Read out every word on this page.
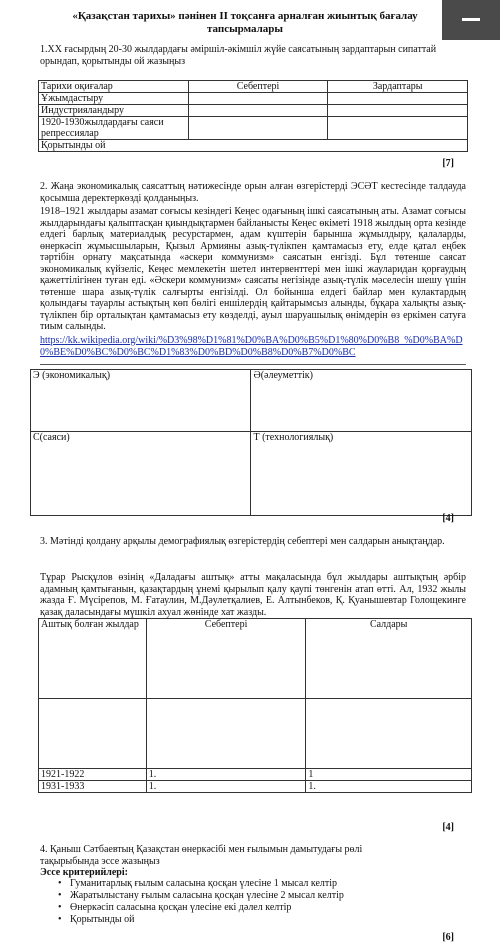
«Қазақстан тарихы» пәнінен ІІ тоқсанға арналған жиынтық бағалау тапсырмалары
1.ХХ ғасырдың 20-30 жылдардағы әміршіл-әкімшіл жүйе саясатының зардаптарын сипаттай орындап, қорытынды ой жазыңыз
Тарихи оқиғалар	Себептері	Зардаптары
Ұжымдастыру		
Индустрияландыру		
1920-1930жылдардағы саяси репрессиялар		
Қорытынды ой		
[7]
2. Жаңа экономикалық саясаттың нәтижесінде орын алған өзгерістерді ЭСӘТ кестесінде талдауда қосымша деректеркөзді қолданыңыз.
1918–1921 жылдары азамат соғысы кезіндегі Кеңес одағының ішкі саясатының аты. Азамат соғысы жылдарындағы қалыптасқан қиындықтармен байланысты Кеңес өкіметі 1918 жылдың орта кезінде елдегі барлық материалдық ресурстармен, адам күштерін барынша жұмылдыру, қалаларды, өнеркәсіп жұмысшыларын, Қызыл Армияны азық-түлікпен қамтамасыз ету, елде қатал еңбек тәртібін орнату мақсатында «әскери коммунизм» саясатын енгізді. Бұл төтенше саясат экономикалық күйзеліс, Кеңес мемлекетін шетел интервенттері мен ішкі жауларидан қорғаудың қажеттілігінен туған еді. «Әскери коммунизм» саясаты негізінде азық-түлік мәселесін шешу үшін төтенше шара азық-түлік салғырты енгізілді. Ол бойынша елдегі байлар мен кулактардың қолындағы тауарлы астықтың көп бөлігі еншілердің қайтарымсыз алынды, бұқара халықты азық-түлікпен бір орталықтан қамтамасыз ету көзделді, ауыл шаруашылық өнімдерін өз еркімен сатуға тиым салынды.
https://kk.wikipedia.org/wiki/%D3%98%D1%81%D0%BA%D0%B5%D1%80%D0%B8_%D0%BA%D0%BE%D0%BC%D0%BC%D1%83%D0%BD%D0%B8%D0%B7%D0%BC
Э (экономикалық)	Ә(әлеуметтік)
С(саяси)	Т (технологиялық)
[4]
3. Мәтінді қолдану арқылы демографиялық өзгерістердің себептері мен салдарын анықтаңдар.
Тұрар Рысқұлов өзінің «Даладағы аштық» атты мақаласында бұл жылдары аштықтың әрбір адамның қамтығанын, қазақтардың ұнемі қырылып қалу қаупі төнгенін атап өтті. Ал, 1932 жылы жазда Ғ. Мүсірепов, М. Ғатаулин, М.Дәулетқалиев, Е. Алтынбеков, Қ. Қуанышевтар Голощекинге қазақ даласындағы мүшкіл ахуал жөнінде хат жазды.
Аштық болған жылдар	Себептері	Салдары

1921-1922	1.	1
1931-1933	1.	1.
[4]
4. Қаныш Сәтбаевтың Қазақстан өнеркәсібі мен ғылымын дамытудағы рөлі тақырыбында эссе жазыңыз
Эссе критерийлері:
• Гуманитарлық ғылым саласына қосқан үлесіне 1 мысал келтір
• Жаратылыстану ғылым саласына қосқан үлесіне 2 мысал келтір
• Өнеркәсіп саласына қосқан үлесіне екі дәлел келтір
• Қорытынды ой
[6]
